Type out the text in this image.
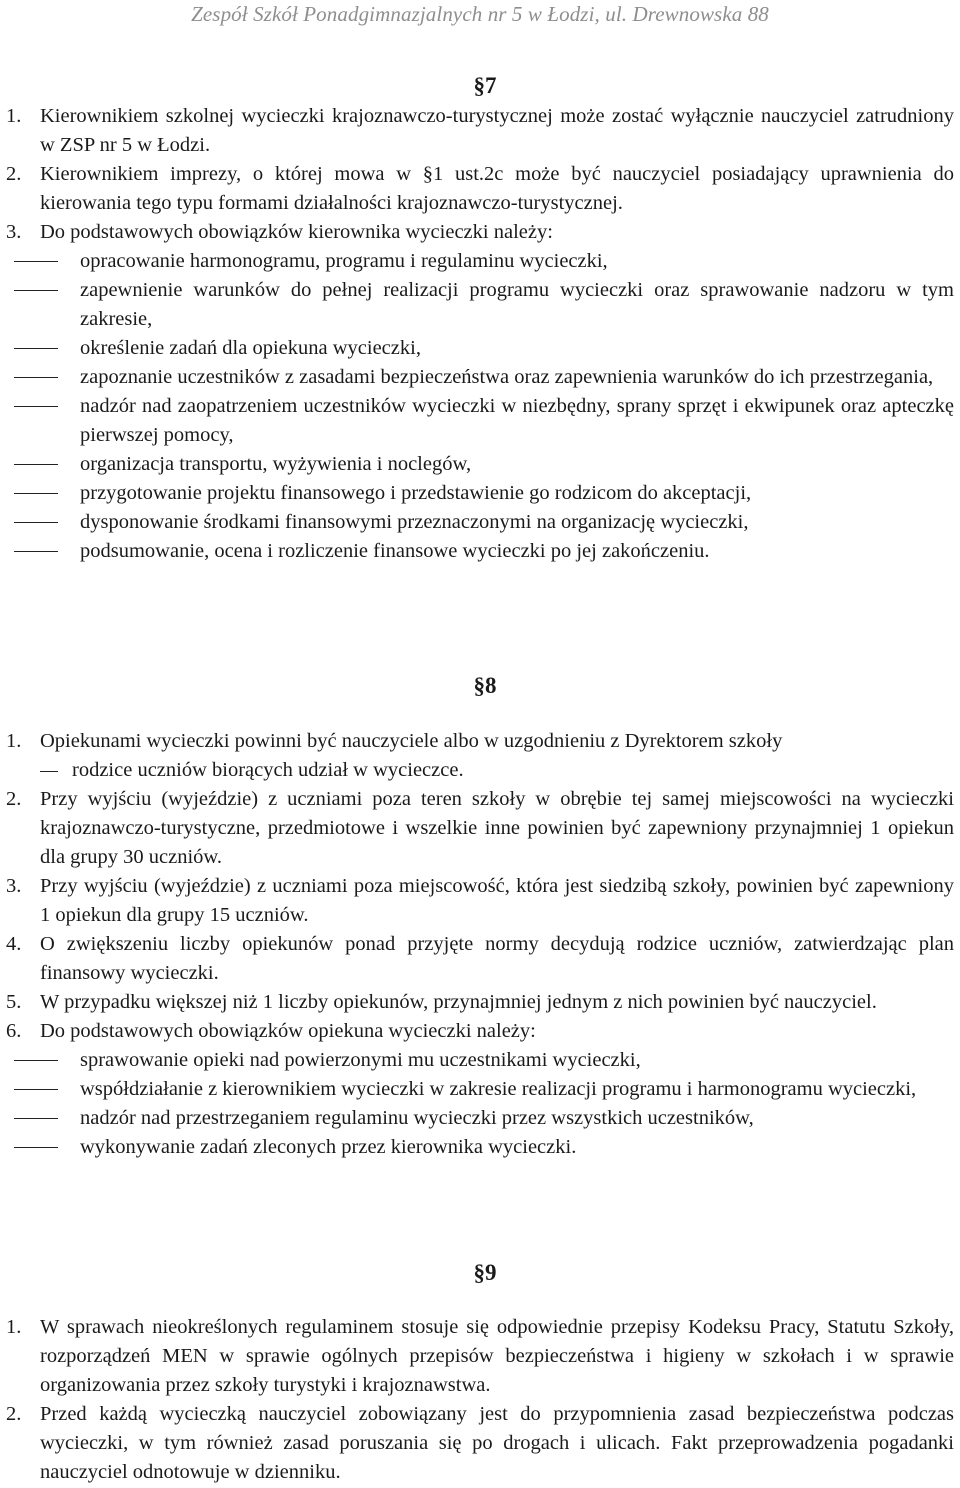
Zespół Szkół Ponadgimnazjalnych nr 5 w Łodzi, ul. Drewnowska 88
§7
1. Kierownikiem szkolnej wycieczki krajoznawczo-turystycznej może zostać wyłącznie nauczyciel zatrudniony w ZSP nr 5 w Łodzi.
2. Kierownikiem imprezy, o której mowa w §1 ust.2c może być nauczyciel posiadający uprawnienia do kierowania tego typu formami działalności krajoznawczo-turystycznej.
3. Do podstawowych obowiązków kierownika wycieczki należy:
opracowanie harmonogramu, programu i regulaminu wycieczki,
zapewnienie warunków do pełnej realizacji programu wycieczki oraz sprawowanie nadzoru w tym zakresie,
określenie zadań dla opiekuna wycieczki,
zapoznanie uczestników z zasadami bezpieczeństwa oraz zapewnienia warunków do ich przestrzegania,
nadzór nad zaopatrzeniem uczestników wycieczki w niezbędny, sprany sprzęt i ekwipunek oraz apteczkę pierwszej pomocy,
organizacja transportu, wyżywienia i noclegów,
przygotowanie projektu finansowego i przedstawienie go rodzicom do akceptacji,
dysponowanie środkami finansowymi przeznaczonymi na organizację wycieczki,
podsumowanie, ocena i rozliczenie finansowe wycieczki po jej zakończeniu.
§8
1. Opiekunami wycieczki powinni być nauczyciele albo w uzgodnieniu z Dyrektorem szkoły
rodzice uczniów biorących udział w wycieczce.
2. Przy wyjściu (wyjeździe) z uczniami poza teren szkoły w obrębie tej samej miejscowości na wycieczki krajoznawczo-turystyczne, przedmiotowe i wszelkie inne powinien być zapewniony przynajmniej 1 opiekun dla grupy 30 uczniów.
3. Przy wyjściu (wyjeździe) z uczniami poza miejscowość, która jest siedzibą szkoły, powinien być zapewniony 1 opiekun dla grupy 15 uczniów.
4. O zwiększeniu liczby opiekunów ponad przyjęte normy decydują rodzice uczniów, zatwierdzając plan finansowy wycieczki.
5. W przypadku większej niż 1 liczby opiekunów, przynajmniej jednym z nich powinien być nauczyciel.
6. Do podstawowych obowiązków opiekuna wycieczki należy:
sprawowanie opieki nad powierzonymi mu uczestnikami wycieczki,
współdziałanie z kierownikiem wycieczki w zakresie realizacji programu i harmonogramu wycieczki,
nadzór nad przestrzeganiem regulaminu wycieczki przez wszystkich uczestników,
wykonywanie zadań zleconych przez kierownika wycieczki.
§9
1. W sprawach nieokreślonych regulaminem stosuje się odpowiednie przepisy Kodeksu Pracy, Statutu Szkoły, rozporządzeń MEN w sprawie ogólnych przepisów bezpieczeństwa i higieny w szkołach i w sprawie organizowania przez szkoły turystyki i krajoznawstwa.
2. Przed każdą wycieczką nauczyciel zobowiązany jest do przypomnienia zasad bezpieczeństwa podczas wycieczki, w tym również zasad poruszania się po drogach i ulicach. Fakt przeprowadzenia pogadanki nauczyciel odnotowuje w dzienniku.
